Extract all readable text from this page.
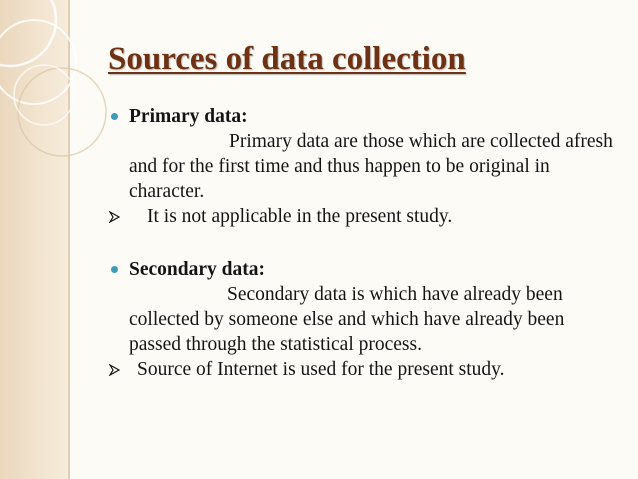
Sources of data collection
Primary data:
Primary data are those which are collected afresh and for the first time and thus happen to be original in character.
It is not applicable in the present study.
Secondary data:
Secondary data is which have already been collected by someone else and which have already been passed through the statistical process.
Source of Internet is used for the present study.
